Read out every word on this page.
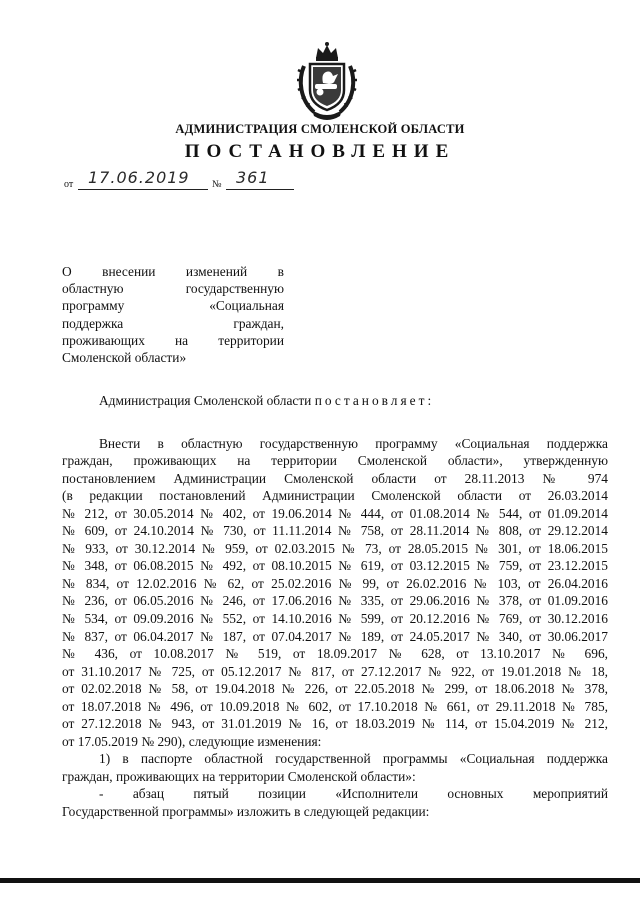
АДМИНИСТРАЦИЯ СМОЛЕНСКОЙ ОБЛАСТИ
ПОСТАНОВЛЕНИЕ
от 17.06.2019 № 361
О внесении изменений в
областную государственную
программу «Социальная
поддержка граждан,
проживающих на территории
Смоленской области»
Администрация Смоленской области постановляет:
Внести в областную государственную программу «Социальная поддержка
граждан, проживающих на территории Смоленской области», утвержденную
постановлением Администрации Смоленской области от 28.11.2013 № 974
(в редакции постановлений Администрации Смоленской области от 26.03.2014
№ 212, от 30.05.2014 № 402, от 19.06.2014 № 444, от 01.08.2014 № 544, от 01.09.2014
№ 609, от 24.10.2014 № 730, от 11.11.2014 № 758, от 28.11.2014 № 808, от 29.12.2014
№ 933, от 30.12.2014 № 959, от 02.03.2015 № 73, от 28.05.2015 № 301, от 18.06.2015
№ 348, от 06.08.2015 № 492, от 08.10.2015 № 619, от 03.12.2015 № 759, от 23.12.2015
№ 834, от 12.02.2016 № 62, от 25.02.2016 № 99, от 26.02.2016 № 103, от 26.04.2016
№ 236, от 06.05.2016 № 246, от 17.06.2016 № 335, от 29.06.2016 № 378, от 01.09.2016
№ 534, от 09.09.2016 № 552, от 14.10.2016 № 599, от 20.12.2016 № 769, от 30.12.2016
№ 837, от 06.04.2017 № 187, от 07.04.2017 № 189, от 24.05.2017 № 340, от 30.06.2017
№ 436, от 10.08.2017 № 519, от 18.09.2017 № 628, от 13.10.2017 № 696,
от 31.10.2017 № 725, от 05.12.2017 № 817, от 27.12.2017 № 922, от 19.01.2018 № 18,
от 02.02.2018 № 58, от 19.04.2018 № 226, от 22.05.2018 № 299, от 18.06.2018 № 378,
от 18.07.2018 № 496, от 10.09.2018 № 602, от 17.10.2018 № 661, от 29.11.2018 № 785,
от 27.12.2018 № 943, от 31.01.2019 № 16, от 18.03.2019 № 114, от 15.04.2019 № 212,
от 17.05.2019 № 290), следующие изменения:
1) в паспорте областной государственной программы «Социальная поддержка
граждан, проживающих на территории Смоленской области»:
- абзац пятый позиции «Исполнители основных мероприятий
Государственной программы» изложить в следующей редакции:
